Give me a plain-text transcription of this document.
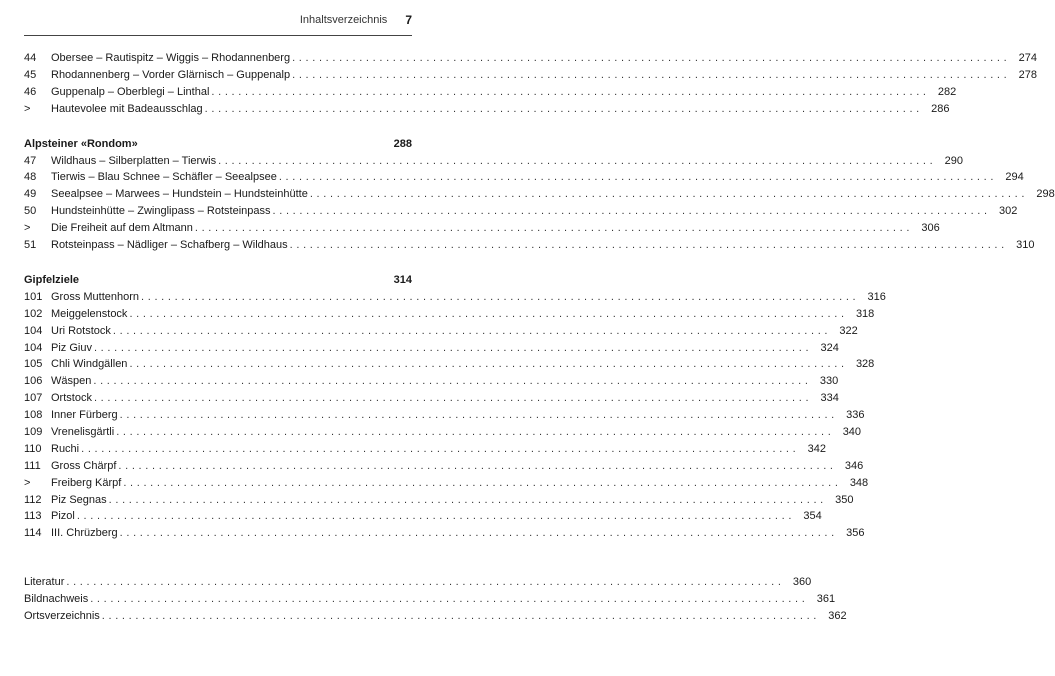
Inhaltsverzeichnis 7
44	Obersee – Rautispitz – Wiggis – Rhodannenberg . . .	274
45	Rhodannenberg – Vorder Glärnisch – Guppenalp . . .	278
46	Guppenalp – Oberblegi – Linthal . . .	282
>	Hautevolee mit Badeausschlag . . .	286
Alpsteiner «Rondom»	288
47	Wildhaus – Silberplatten – Tierwis . . .	290
48	Tierwis – Blau Schnee – Schäfler – Seealpsee . . .	294
49	Seealpsee – Marwees – Hundstein – Hundsteinhütte . . .	298
50	Hundsteinhütte – Zwinglipass – Rotsteinpass . . .	302
>	Die Freiheit auf dem Altmann . . .	306
51	Rotsteinpass – Nädliger – Schafberg – Wildhaus . . .	310
Gipfelziele	314
101 Gross Muttenhorn . . .	316
102 Meiggelenstock . . .	318
104 Uri Rotstock . . .	322
104 Piz Giuv . . .	324
105 Chli Windgällen . . .	328
106 Wäspen . . .	330
107 Ortstock . . .	334
108 Inner Fürberg . . .	336
109 Vrenelisgärtli . . .	340
110 Ruchi . . .	342
111 Gross Chärpf . . .	346
>	Freiberg Kärpf . . .	348
112 Piz Segnas . . .	350
113 Pizol . . .	354
114 III. Chrüzberg . . .	356
Literatur . . .	360
Bildnachweis . . .	361
Ortsverzeichnis . . .	362
